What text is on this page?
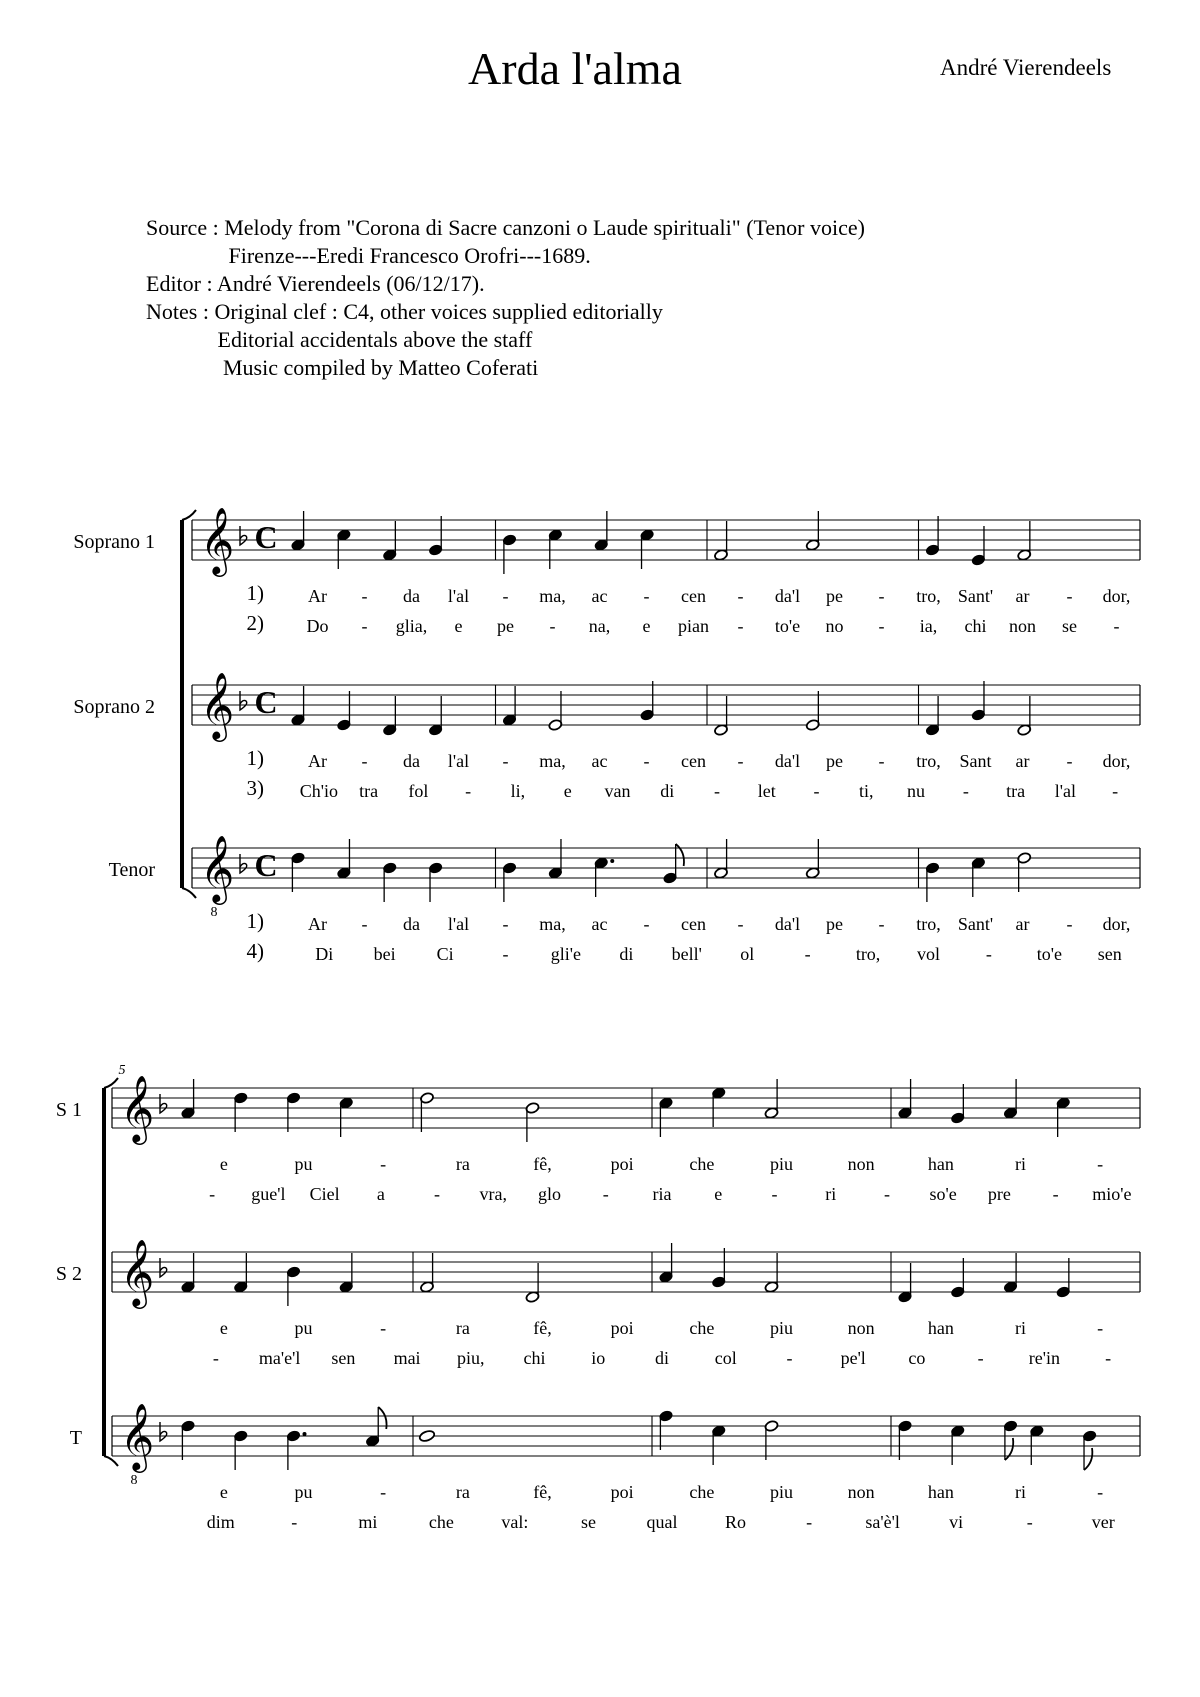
Arda l'alma	André Vierendeels
Source : Melody from "Corona di Sacre canzoni o Laude spirituali" (Tenor voice)
Firenze---Eredi Francesco Orofri---1689.
Editor : André Vierendeels (06/12/17).
Notes : Original clef : C4, other voices supplied editorially
Editorial accidentals above the staff
Music compiled by Matteo Coferati
Soprano 1 𝄞 C
1)
2)
Ar - da l'al - ma, ac - cen - da'l pe - tro, Sant' ar - dor,
Do - glia, e pe - na, e pian - to'e no - ia, chi non se -
Soprano 2 𝄞 C
1)
3)
Ar - da l'al - ma, ac - cen - da'l pe - tro, Sant ar - dor,
Ch'io tra fol - li, e van di - let - ti, nu - tra l'al -
Tenor 𝄞
8
C
1)
4)
Ar - da l'al - ma, ac - cen - da'l pe - tro, Sant' ar - dor,
Di bei Ci	- gli'e di bell' ol	-	tro, vol	- to'e sen
5
S 1 𝄞
e	pu	-	ra	fê,	poi	che	piu	non	han	ri	-
- gue'l Ciel a	- vra, glo - ria e	-	ri	- so'e pre - mio'e
S 2 𝄞
e	pu	-	ra	fê,	poi	che	piu	non	han	ri	-
- ma'e'l sen mai piu, chi	io	di	col	-	pe'l co	-	re'in	-
T 𝄞
8
e	pu	-	ra	fê,	poi	che	piu	non	han	ri	-
dim	-	mi	che	val:	se	qual	Ro	-	sa'è'l	vi	-	ver
